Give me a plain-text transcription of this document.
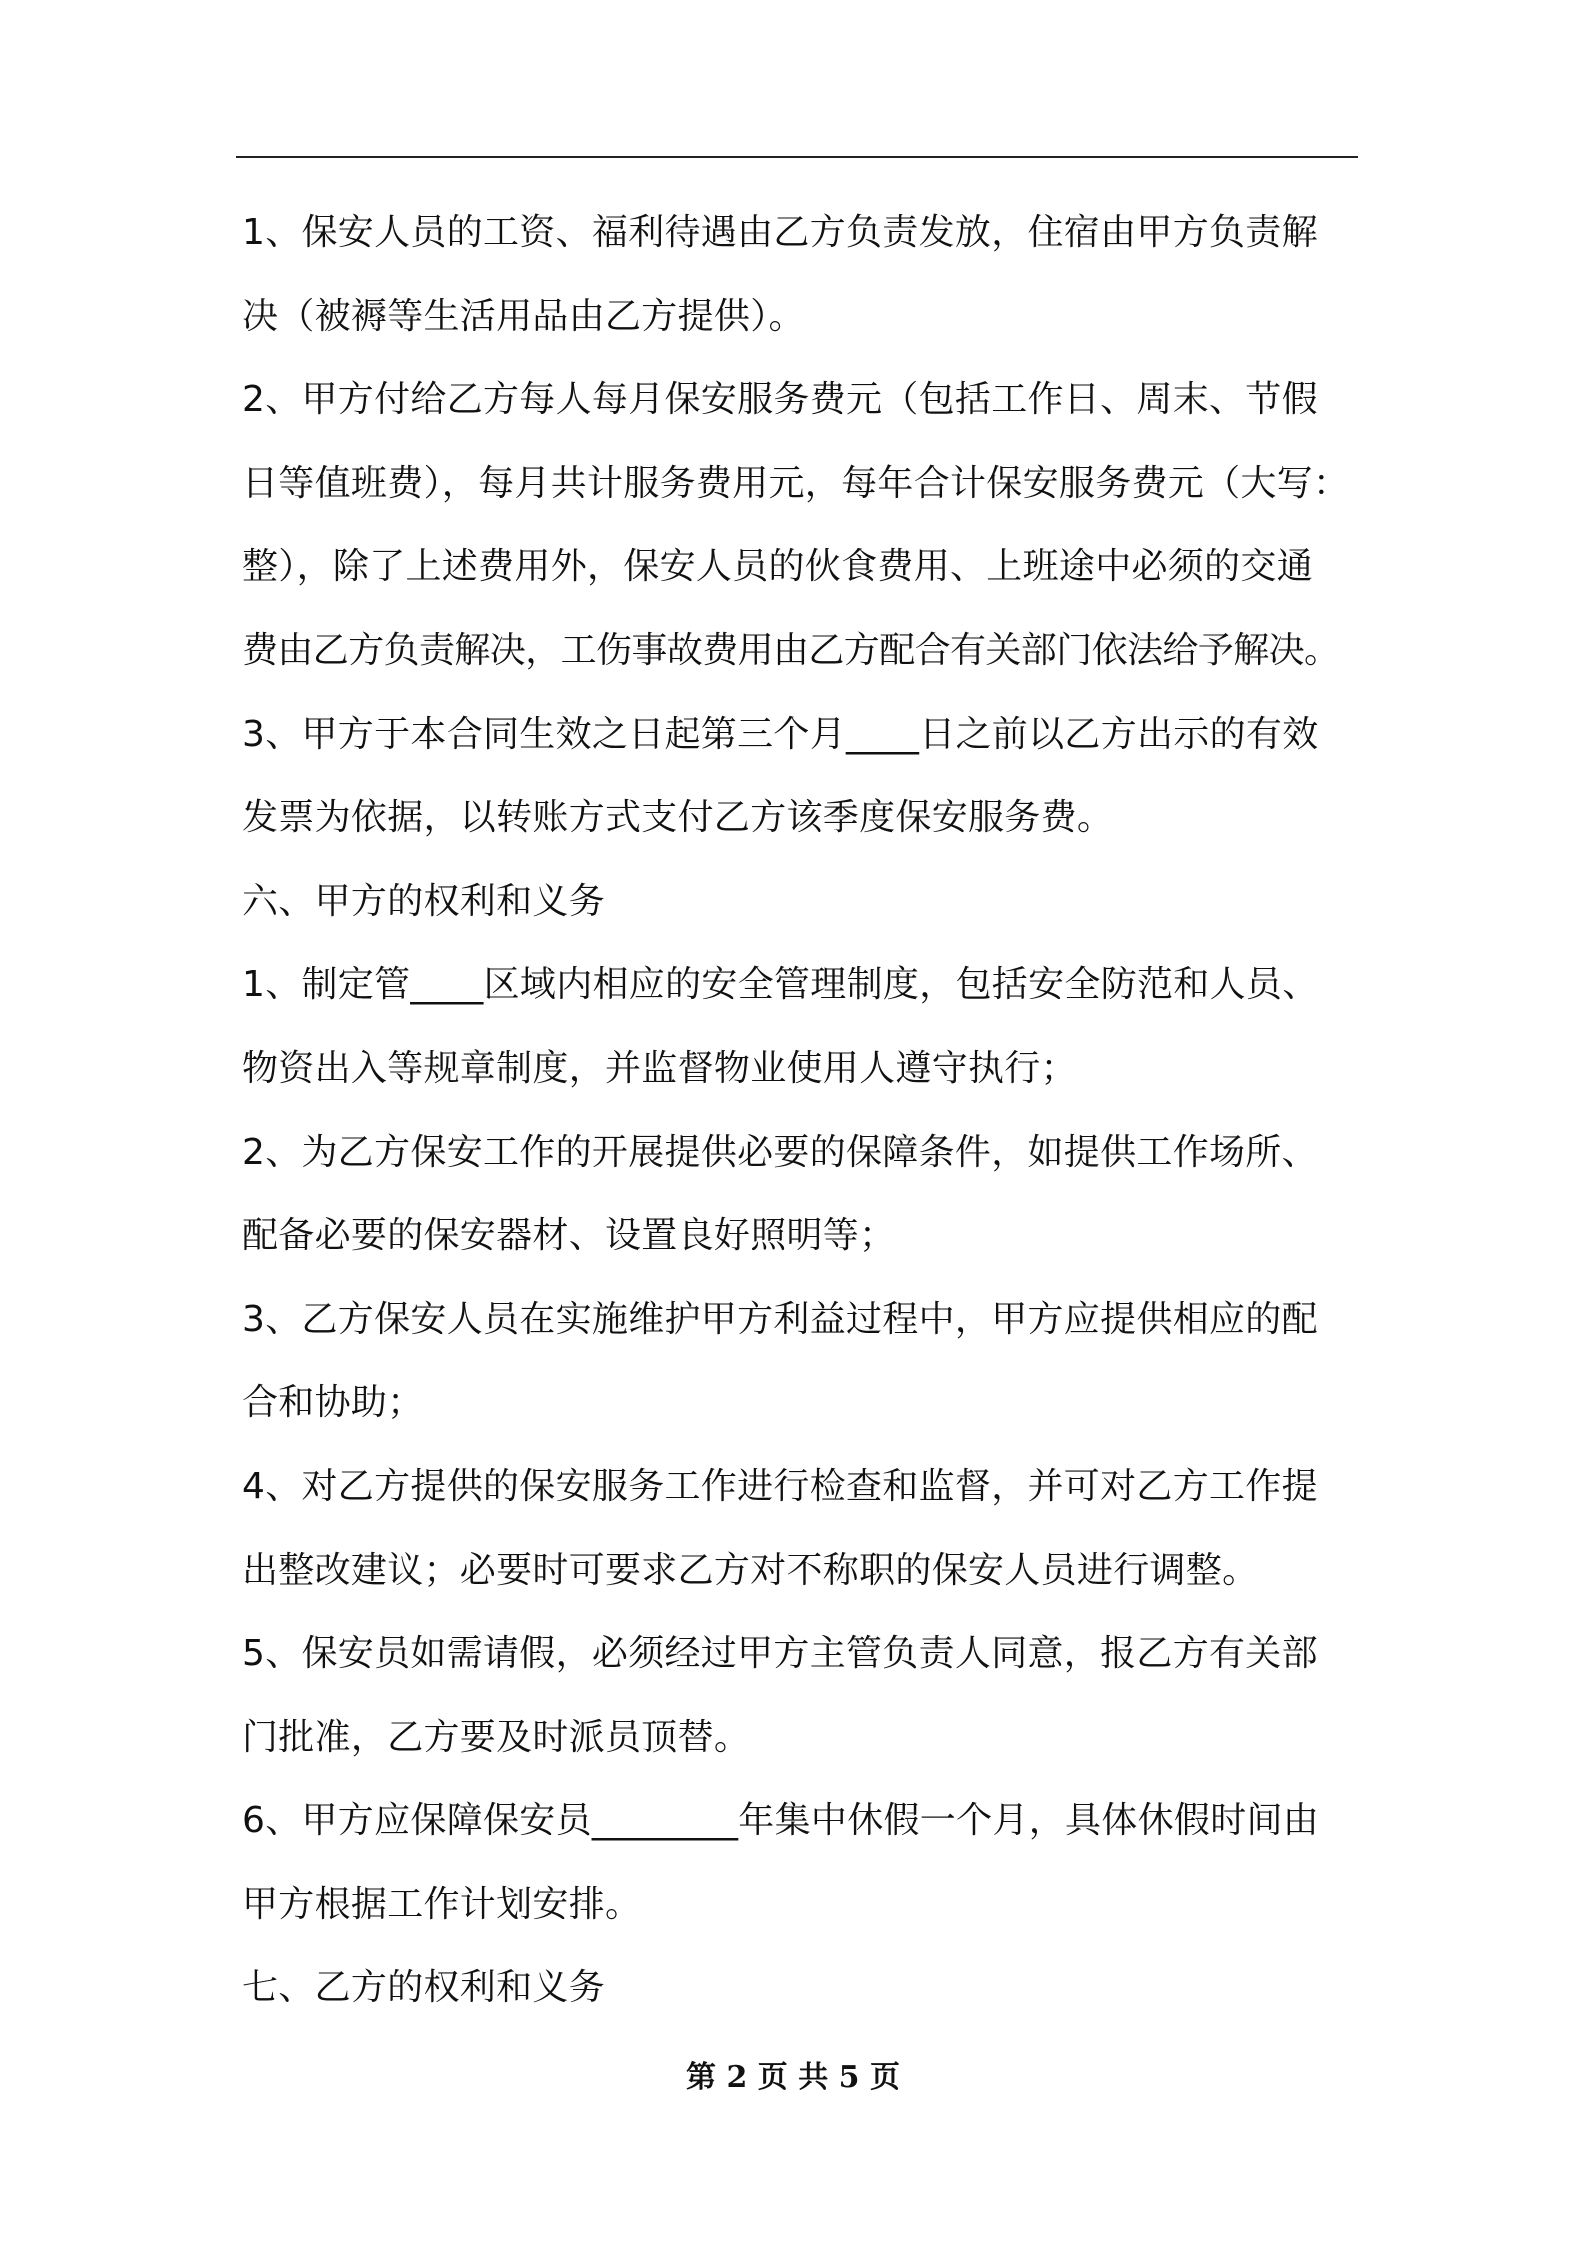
1、保安人员的工资、福利待遇由乙方负责发放，住宿由甲方负责解
决（被褥等生活用品由乙方提供）。
2、甲方付给乙方每人每月保安服务费元（包括工作日、周末、节假
日等值班费），每月共计服务费用元，每年合计保安服务费元（大写：
整），除了上述费用外，保安人员的伙食费用、上班途中必须的交通
费由乙方负责解决，工伤事故费用由乙方配合有关部门依法给予解决。
3、甲方于本合同生效之日起第三个月____日之前以乙方出示的有效
发票为依据，以转账方式支付乙方该季度保安服务费。
六、甲方的权利和义务
1、制定管____区域内相应的安全管理制度，包括安全防范和人员、
物资出入等规章制度，并监督物业使用人遵守执行；
2、为乙方保安工作的开展提供必要的保障条件，如提供工作场所、
配备必要的保安器材、设置良好照明等；
3、乙方保安人员在实施维护甲方利益过程中，甲方应提供相应的配
合和协助；
4、对乙方提供的保安服务工作进行检查和监督，并可对乙方工作提
出整改建议；必要时可要求乙方对不称职的保安人员进行调整。
5、保安员如需请假，必须经过甲方主管负责人同意，报乙方有关部
门批准，乙方要及时派员顶替。
6、甲方应保障保安员________年集中休假一个月，具体休假时间由
甲方根据工作计划安排。
七、乙方的权利和义务
第 2 页 共 5 页
